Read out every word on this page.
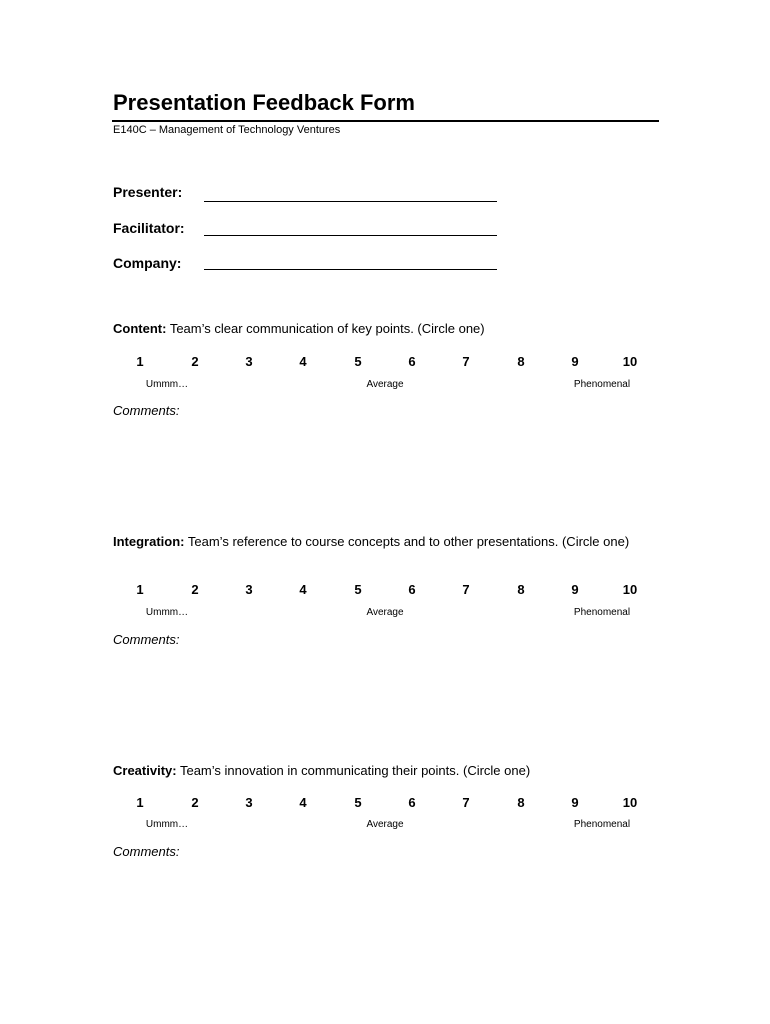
Presentation Feedback Form
E140C – Management of Technology Ventures
Presenter:
Facilitator:
Company:
Content: Team’s clear communication of key points. (Circle one)
1	2	3	4	5	6	7	8	9	10
Ummm…	Average	Phenomenal
Comments:
Integration: Team’s reference to course concepts and to other presentations. (Circle one)
1	2	3	4	5	6	7	8	9	10
Ummm…	Average	Phenomenal
Comments:
Creativity: Team’s innovation in communicating their points. (Circle one)
1	2	3	4	5	6	7	8	9	10
Ummm…	Average	Phenomenal
Comments:
